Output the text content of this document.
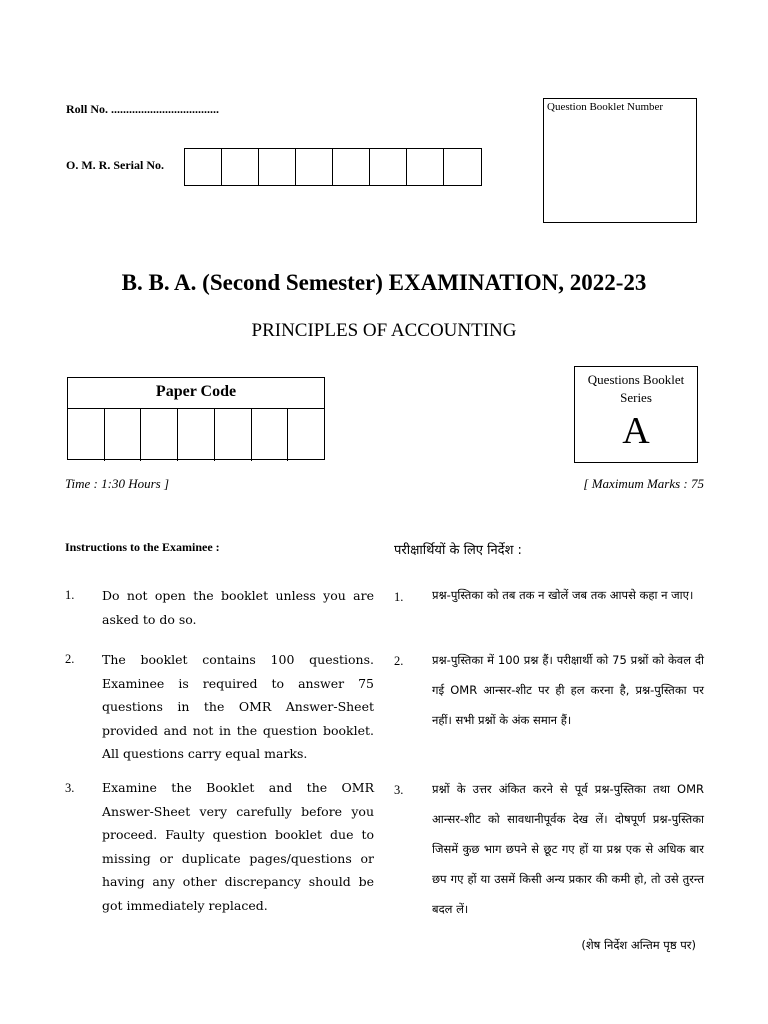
Roll No. ....................................
O. M. R. Serial No.
Question Booklet Number
B. B. A. (Second Semester) EXAMINATION, 2022-23
PRINCIPLES OF ACCOUNTING
Paper Code
Questions Booklet
Series
A
Time : 1:30 Hours ]	[ Maximum Marks : 75
Instructions to the Examinee :	परीक्षार्थियों के लिए निर्देश :
1. Do not open the booklet unless you are asked to do so.
1. प्रश्न-पुस्तिका को तब तक न खोलें जब तक आपसे कहा न जाए।
2. The booklet contains 100 questions. Examinee is required to answer 75 questions in the OMR Answer-Sheet provided and not in the question booklet. All questions carry equal marks.
2. प्रश्न-पुस्तिका में 100 प्रश्न हैं। परीक्षार्थी को 75 प्रश्नों को केवल दी गई OMR आन्सर-शीट पर ही हल करना है, प्रश्न-पुस्तिका पर नहीं। सभी प्रश्नों के अंक समान हैं।
3. Examine the Booklet and the OMR Answer-Sheet very carefully before you proceed. Faulty question booklet due to missing or duplicate pages/questions or having any other discrepancy should be got immediately replaced.
3. प्रश्नों के उत्तर अंकित करने से पूर्व प्रश्न-पुस्तिका तथा OMR आन्सर-शीट को सावधानीपूर्वक देख लें। दोषपूर्ण प्रश्न-पुस्तिका जिसमें कुछ भाग छपने से छूट गए हों या प्रश्न एक से अधिक बार छप गए हों या उसमें किसी अन्य प्रकार की कमी हो, तो उसे तुरन्त बदल लें।
(शेष निर्देश अन्तिम पृष्ठ पर)
